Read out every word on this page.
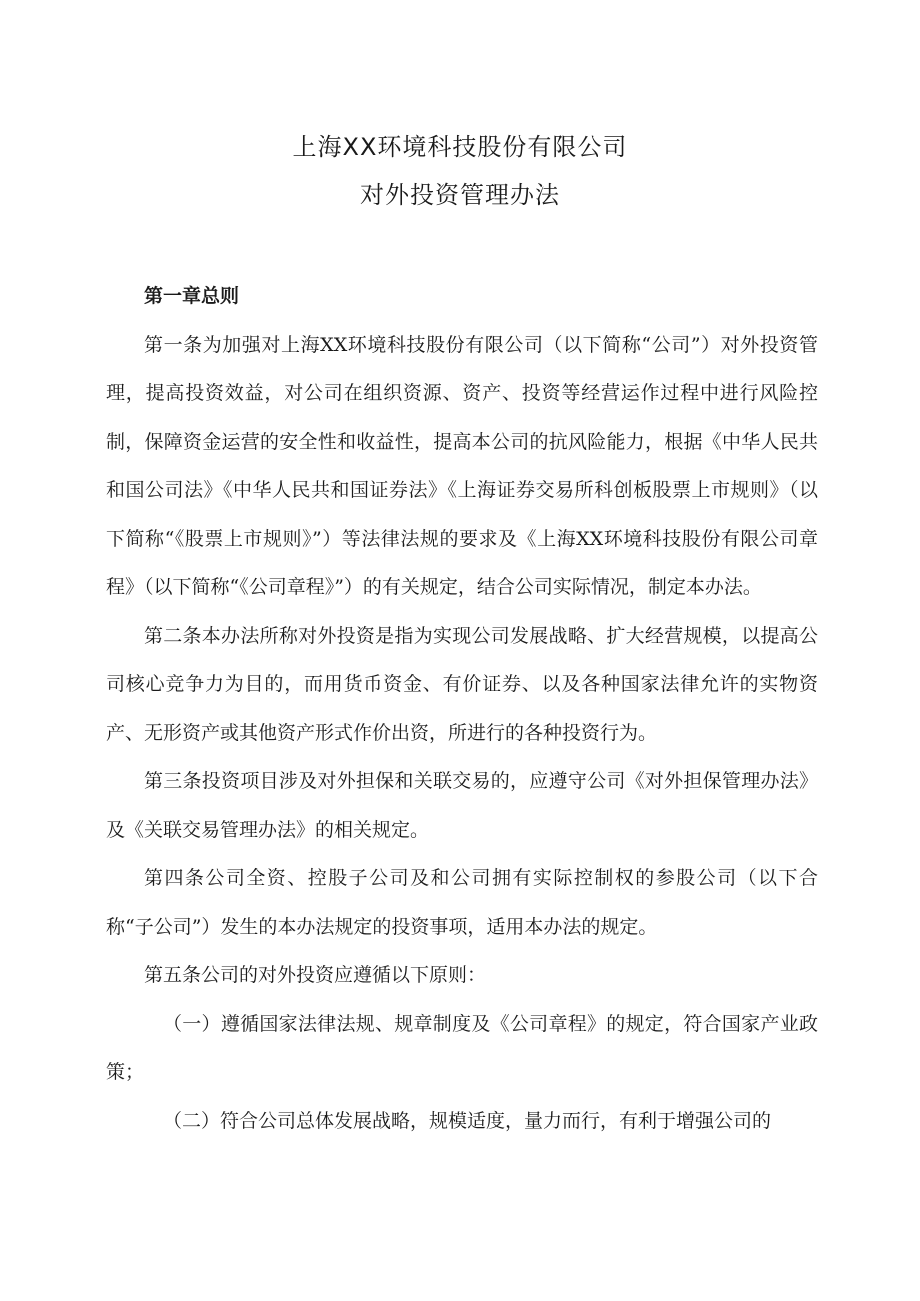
上海XX环境科技股份有限公司
对外投资管理办法

第一章总则

第一条为加强对上海XX环境科技股份有限公司（以下简称“公司”）对外投资管理，提高投资效益，对公司在组织资源、资产、投资等经营运作过程中进行风险控制，保障资金运营的安全性和收益性，提高本公司的抗风险能力，根据《中华人民共和国公司法》《中华人民共和国证券法》《上海证券交易所科创板股票上市规则》（以下简称“《股票上市规则》”）等法律法规的要求及《上海XX环境科技股份有限公司章程》（以下简称“《公司章程》”）的有关规定，结合公司实际情况，制定本办法。

第二条本办法所称对外投资是指为实现公司发展战略、扩大经营规模，以提高公司核心竞争力为目的，而用货币资金、有价证券、以及各种国家法律允许的实物资产、无形资产或其他资产形式作价出资，所进行的各种投资行为。

第三条投资项目涉及对外担保和关联交易的，应遵守公司《对外担保管理办法》及《关联交易管理办法》的相关规定。

第四条公司全资、控股子公司及和公司拥有实际控制权的参股公司（以下合称“子公司”）发生的本办法规定的投资事项，适用本办法的规定。

第五条公司的对外投资应遵循以下原则：

（一）遵循国家法律法规、规章制度及《公司章程》的规定，符合国家产业政策；

（二）符合公司总体发展战略，规模适度，量力而行，有利于增强公司的
